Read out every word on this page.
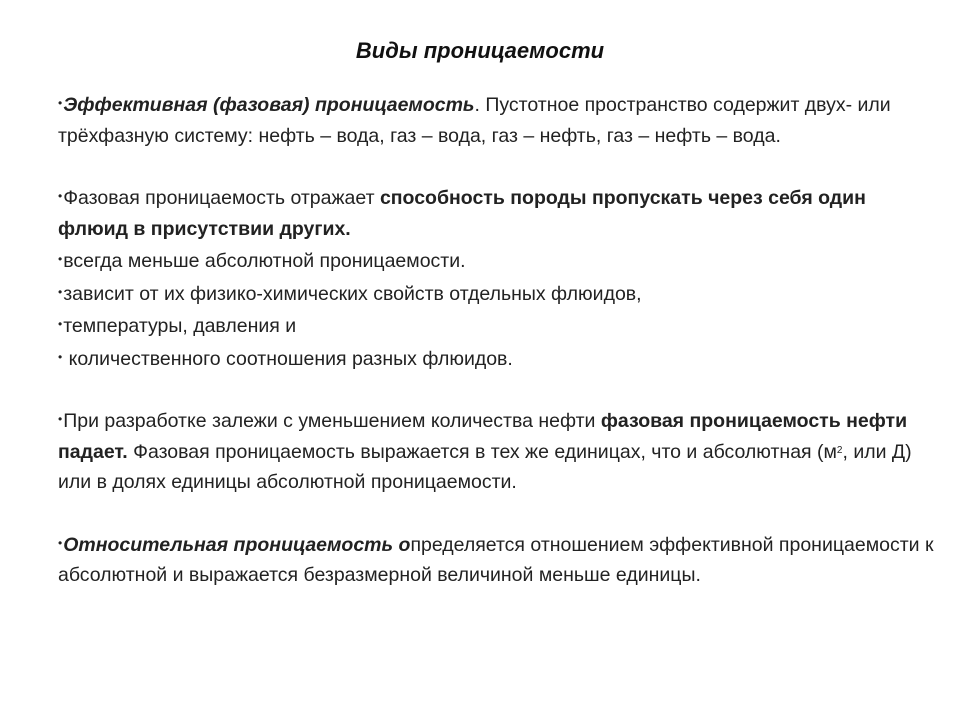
Виды проницаемости
•Эффективная (фазовая) проницаемость. Пустотное пространство содержит двух- или трёхфазную систему: нефть – вода, газ – вода, газ – нефть, газ – нефть – вода.
•Фазовая проницаемость отражает способность породы пропускать через себя один флюид в присутствии других.
•всегда меньше абсолютной проницаемости.
•зависит от их физико-химических свойств отдельных флюидов,
•температуры, давления и
• количественного соотношения разных флюидов.
•При разработке залежи с уменьшением количества нефти фазовая проницаемость нефти падает. Фазовая проницаемость выражается в тех же единицах, что и абсолютная ($м^2$, или Д) или в долях единицы абсолютной проницаемости.
•Относительная проницаемость определяется отношением эффективной проницаемости к абсолютной и выражается безразмерной величиной меньше единицы.
